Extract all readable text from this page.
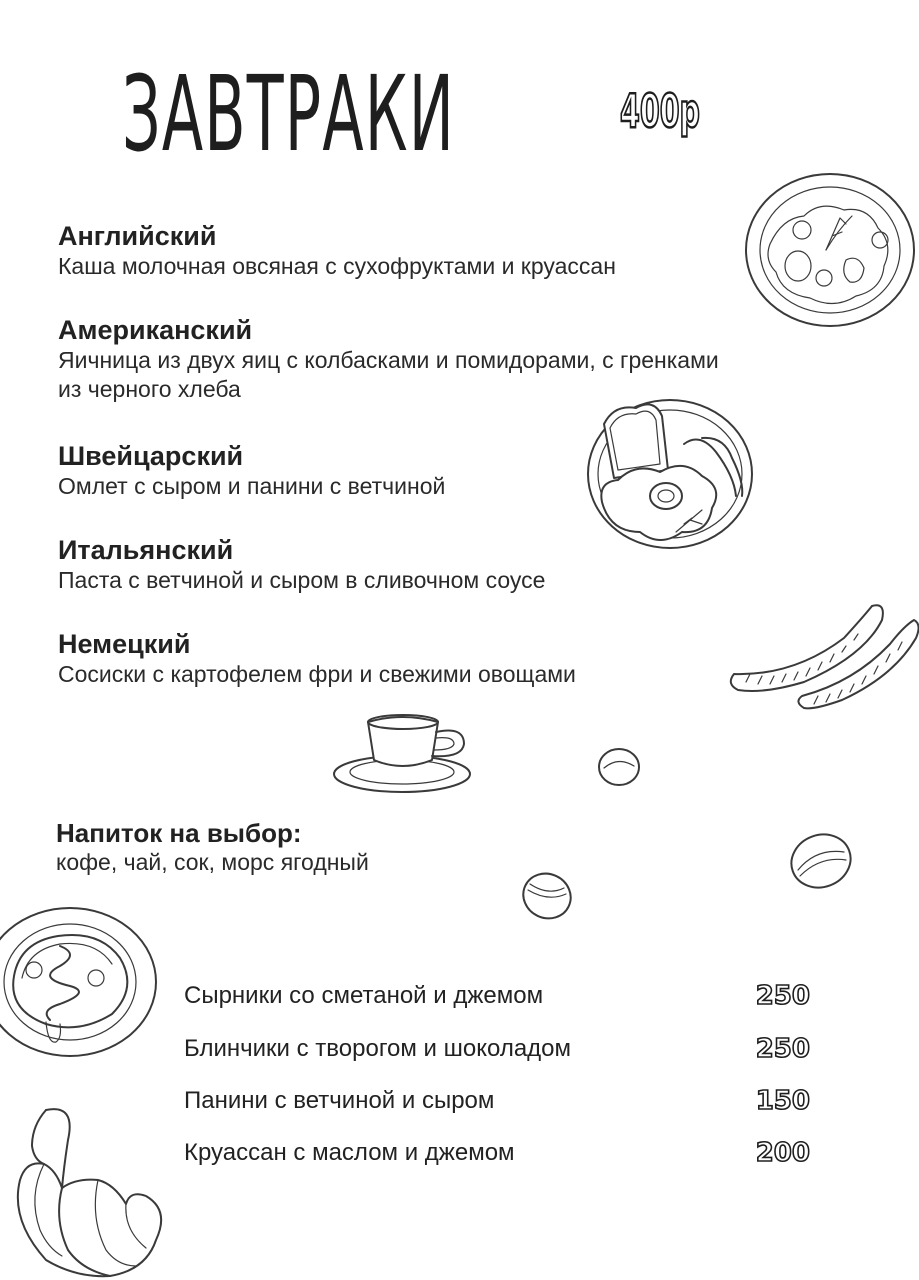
ЗАВТРАКИ	400р
Английский
Каша молочная овсяная с сухофруктами и круассан
Американский
Яичница из двух яиц с колбасками и помидорами, с гренками
из черного хлеба
Швейцарский
Омлет с сыром и панини с ветчиной
Итальянский
Паста с ветчиной и сыром в сливочном соусе
Немецкий
Сосиски с картофелем фри и свежими овощами
Напиток на выбор:
кофе, чай, сок, морс ягодный
Сырники со сметаной и джемом	250
Блинчики с творогом и шоколадом	250
Панини с ветчиной и сыром	150
Круассан с маслом и джемом	200
